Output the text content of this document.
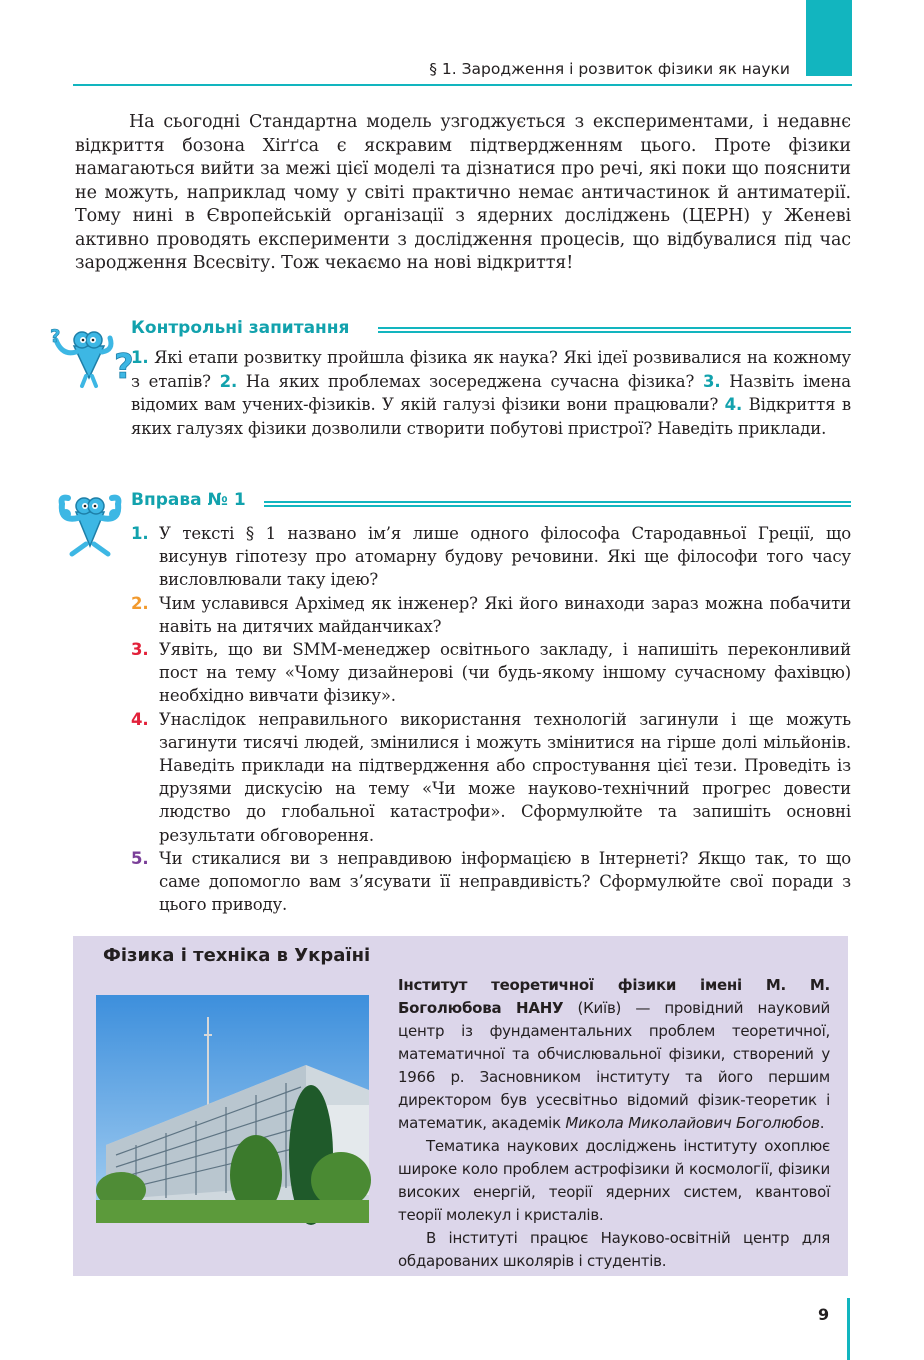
§ 1. Зародження і розвиток фізики як науки

На сьогодні Стандартна модель узгоджується з експериментами, і недавнє відкриття бозона Хіґґса є яскравим підтвердженням цього. Проте фізики намагаються вийти за межі цієї моделі та дізнатися про речі, які поки що пояснити не можуть, наприклад чому у світі практично немає античастинок й антиматерії. Тому нині в Європейській організації з ядерних досліджень (ЦЕРН) у Женеві активно проводять експерименти з дослідження процесів, що відбувалися під час зародження Всесвіту. Тож чекаємо на нові відкриття!

?
?	Контрольні запитання

1. Які етапи розвитку пройшла фізика як наука? Які ідеї розвивалися на кожному з етапів? 2. На яких проблемах зосереджена сучасна фізика? 3. Назвіть імена відомих вам учених-фізиків. У якій галузі фізики вони працювали? 4. Відкриття в яких галузях фізики дозволили створити побутові пристрої? Наведіть приклади.

Вправа № 1
1. У тексті § 1 названо ім’я лише одного філософа Стародавньої Греції, що висунув гіпотезу про атомарну будову речовини. Які ще філософи того часу висловлювали таку ідею?
2. Чим уславився Архімед як інженер? Які його винаходи зараз можна побачити навіть на дитячих майданчиках?
3. Уявіть, що ви SMM-менеджер освітнього закладу, і напишіть переконливий пост на тему «Чому дизайнерові (чи будь-якому іншому сучасному фахівцю) необхідно вивчати фізику».
4. Унаслідок неправильного використання технологій загинули і ще можуть загинути тисячі людей, змінилися і можуть змінитися на гірше долі мільйонів. Наведіть приклади на підтвердження або спростування цієї тези. Проведіть із друзями дискусію на тему «Чи може науково-технічний прогрес довести людство до глобальної катастрофи». Сформулюйте та запишіть основні результати обговорення.
5. Чи стикалися ви з неправдивою інформацією в Інтернеті? Якщо так, то що саме допомогло вам з’ясувати її неправдивість? Сформулюйте свої поради з цього приводу.
Фізика і техніка в Україні

Інститут теоретичної фізики імені М. М. Боголюбова НАНУ (Київ) — провідний науковий центр із фундаментальних проблем теоретичної, математичної та обчислювальної фізики, створений у 1966 р. Засновником інституту та його першим директором був усесвітньо відомий фізик-теоретик і математик, академік Микола Миколайович Боголюбов.

Тематика наукових досліджень інституту охоплює широке коло проблем астрофізики й космології, фізики високих енергій, теорії ядерних систем, квантової теорії молекул і кристалів.

В інституті працює Науково-освітній центр для обдарованих школярів і студентів.

9
